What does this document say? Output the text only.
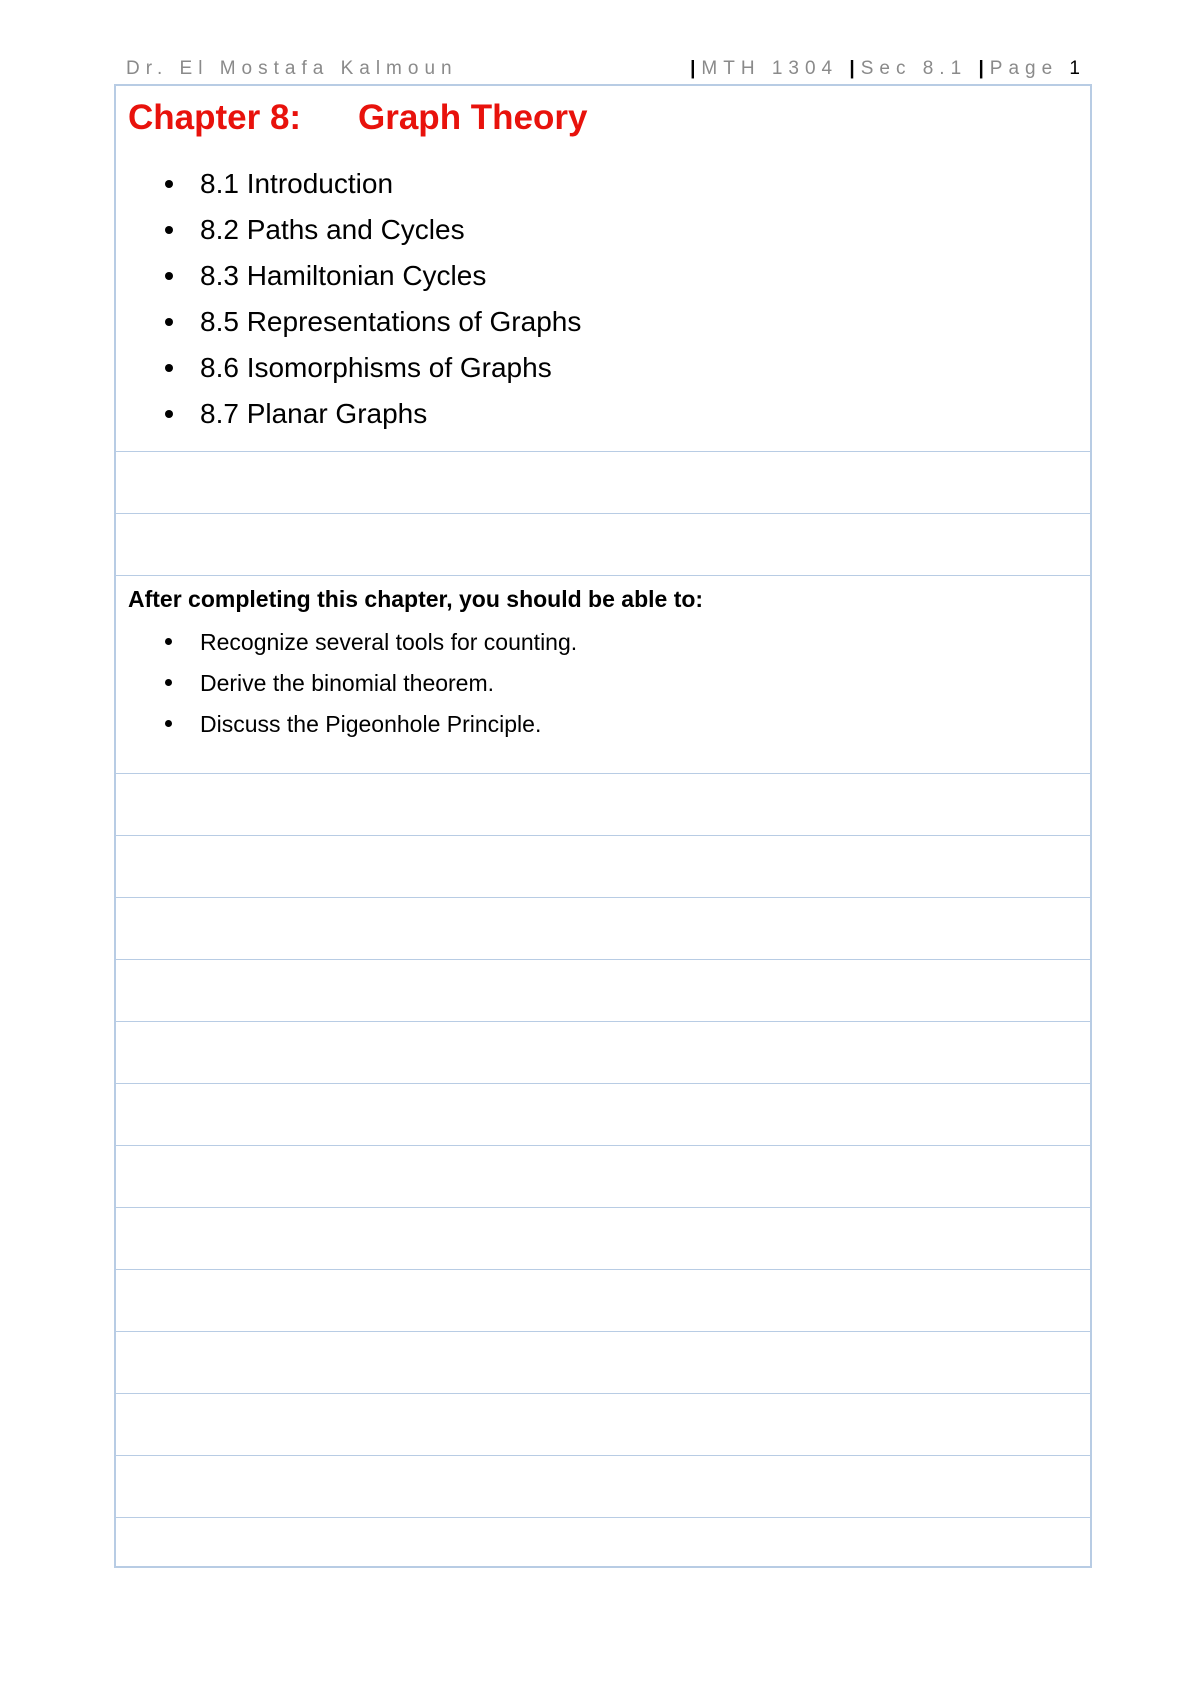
Dr. El Mostafa Kalmoun	| MTH 1304 | Sec 8.1 | Page 1
Chapter 8: Graph Theory
8.1 Introduction
8.2 Paths and Cycles
8.3 Hamiltonian Cycles
8.5 Representations of Graphs
8.6 Isomorphisms of Graphs
8.7 Planar Graphs
After completing this chapter, you should be able to:
Recognize several tools for counting.
Derive the binomial theorem.
Discuss the Pigeonhole Principle.
